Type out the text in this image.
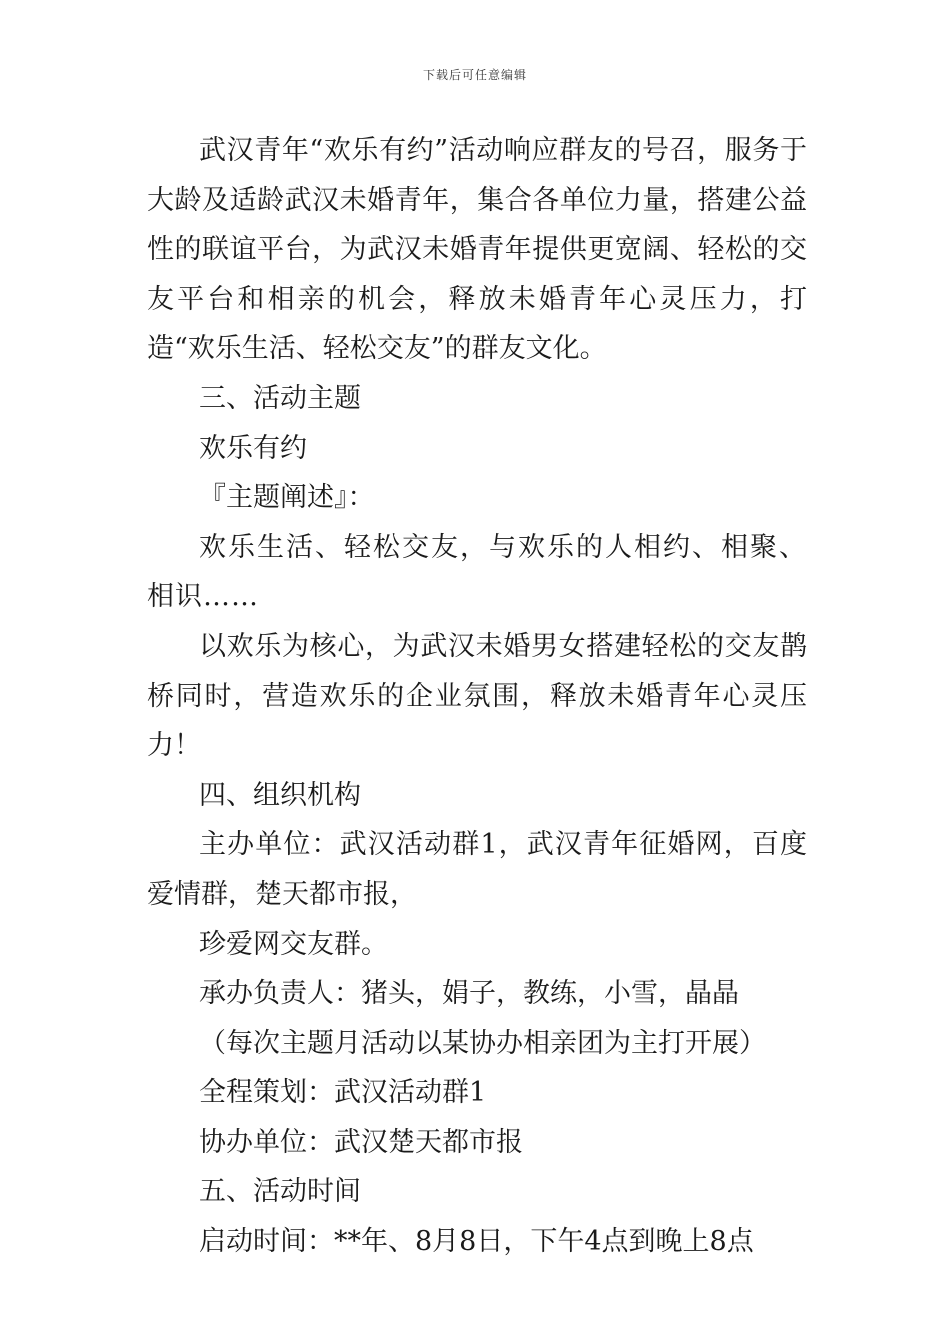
下载后可任意编辑

武汉青年“欢乐有约”活动响应群友的号召，服务于大龄及适龄武汉未婚青年，集合各单位力量，搭建公益性的联谊平台，为武汉未婚青年提供更宽阔、轻松的交友平台和相亲的机会，释放未婚青年心灵压力，打造“欢乐生活、轻松交友”的群友文化。

三、活动主题

欢乐有约

『主题阐述』：

欢乐生活、轻松交友，与欢乐的人相约、相聚、相识……

以欢乐为核心，为武汉未婚男女搭建轻松的交友鹊桥同时，营造欢乐的企业氛围，释放未婚青年心灵压力！

四、组织机构

主办单位：武汉活动群1，武汉青年征婚网，百度爱情群，楚天都市报，

珍爱网交友群。

承办负责人：猪头，娟子，教练，小雪，晶晶

（每次主题月活动以某协办相亲团为主打开展）

全程策划：武汉活动群1

协办单位：武汉楚天都市报

五、活动时间

启动时间：**年、8月8日，下午4点到晚上8点
